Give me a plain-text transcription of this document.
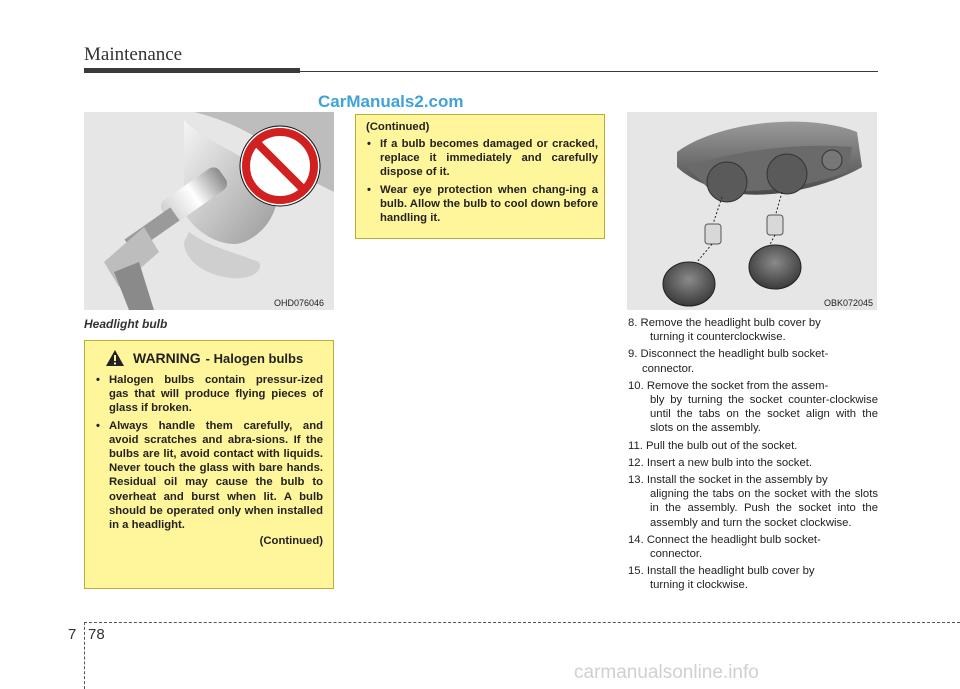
Maintenance
CarManuals2.com
OHD076046
Headlight bulb
WARNING - Halogen bulbs
• Halogen bulbs contain pressur-ized gas that will produce flying pieces of glass if broken.
• Always handle them carefully, and avoid scratches and abra-sions. If the bulbs are lit, avoid contact with liquids. Never touch the glass with bare hands. Residual oil may cause the bulb to overheat and burst when lit. A bulb should be operated only when installed in a headlight.
(Continued)
(Continued)
• If a bulb becomes damaged or cracked, replace it immediately and carefully dispose of it.
• Wear eye protection when chang-ing a bulb. Allow the bulb to cool down before handling it.
OBK072045
8. Remove the headlight bulb cover by
turning it counterclockwise.
9. Disconnect the headlight bulb socket-
connector.
10. Remove the socket from the assem-
bly by turning the socket counter-clockwise until the tabs on the socket align with the slots on the assembly.
11. Pull the bulb out of the socket.
12. Insert a new bulb into the socket.
13. Install the socket in the assembly by
aligning the tabs on the socket with the slots in the assembly. Push the socket into the assembly and turn the socket clockwise.
14. Connect the headlight bulb socket-
connector.
15. Install the headlight bulb cover by
turning it clockwise.
7 78
carmanualsonline.info
